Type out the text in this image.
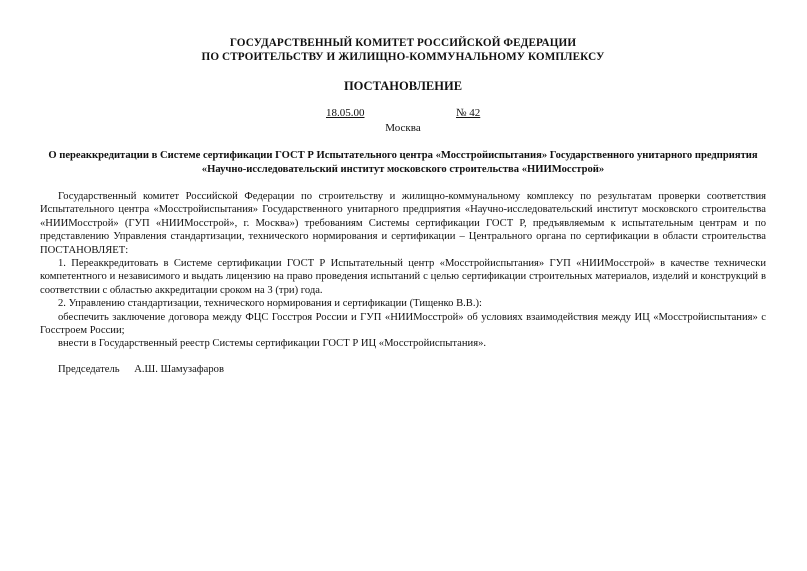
ГОСУДАРСТВЕННЫЙ КОМИТЕТ РОССИЙСКОЙ ФЕДЕРАЦИИ
ПО СТРОИТЕЛЬСТВУ И ЖИЛИЩНО-КОММУНАЛЬНОМУ КОМПЛЕКСУ
ПОСТАНОВЛЕНИЕ
18.05.00	№ 42
Москва
О переаккредитации в Системе сертификации ГОСТ Р Испытательного центра «Мосстройиспытания» Государственного унитарного предприятия «Научно-исследовательский институт московского строительства «НИИМосстрой»

Государственный комитет Российской Федерации по строительству и жилищно-коммунальному комплексу по результатам проверки соответствия Испытательного центра «Мосстройиспытания» Государственного унитарного предприятия «Научно-исследовательский институт московского строительства «НИИМосстрой» (ГУП «НИИМосстрой», г. Москва») требованиям Системы сертификации ГОСТ Р, предъявляемым к испытательным центрам и по представлению Управления стандартизации, технического нормирования и сертификации – Центрального органа по сертификации в области строительства ПОСТАНОВЛЯЕТ:

1. Переаккредитовать в Системе сертификации ГОСТ Р Испытательный центр «Мосстройиспытания» ГУП «НИИМосстрой» в качестве технически компетентного и независимого и выдать лицензию на право проведения испытаний с целью сертификации строительных материалов, изделий и конструкций в соответствии с областью аккредитации сроком на 3 (три) года.

2. Управлению стандартизации, технического нормирования и сертификации (Тищенко В.В.):

обеспечить заключение договора между ФЦС Госстроя России и ГУП «НИИМосстрой» об условиях взаимодействия между ИЦ «Мосстройиспытания» с Госстроем России;

внести в Государственный реестр Системы сертификации ГОСТ Р ИЦ «Мосстройиспытания».

Председатель А.Ш. Шамузафаров
